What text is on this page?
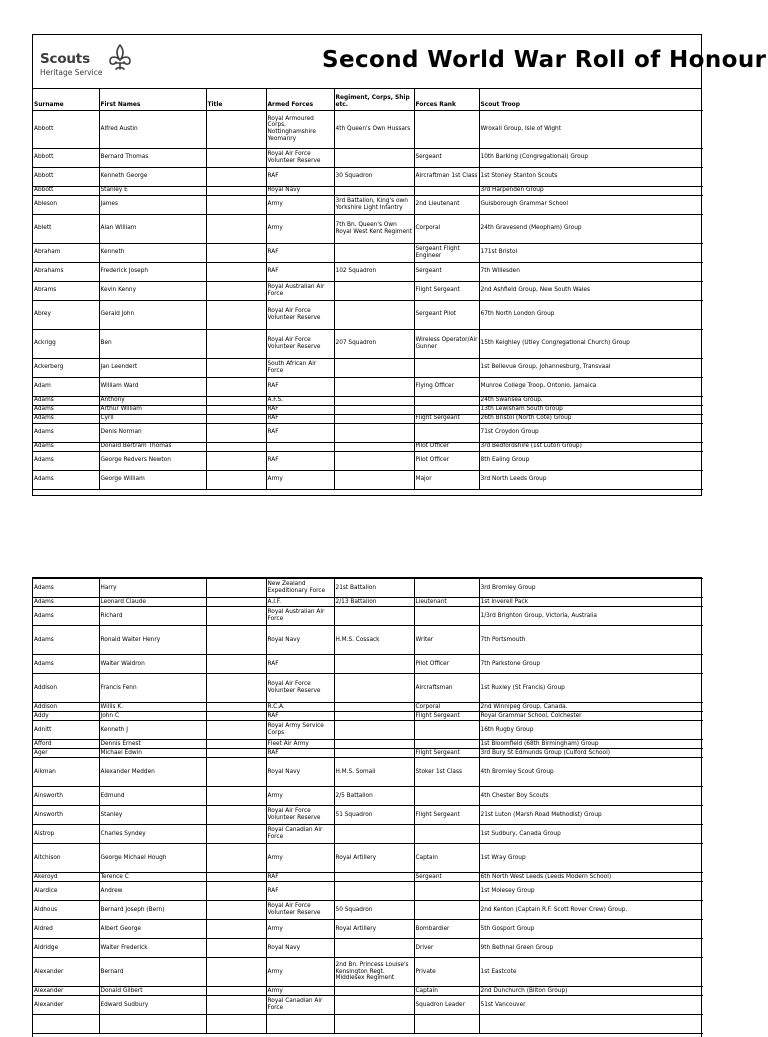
Scouts
Heritage Service	Second World War Roll of Honour
Surname	First Names	Title	Armed Forces	Regiment, Corps, Ship etc.	Forces Rank	Scout Troop
Abbott	Alfred Austin		Royal Armoured Corps, Nottinghamshire Yeomanry	4th Queen's Own Hussars		Wroxall Group, Isle of Wight
Abbott	Bernard Thomas		Royal Air Force Volunteer Reserve		Sergeant	10th Barking (Congregational) Group
Abbott	Kenneth George		RAF	30 Squadron	Aircraftman 1st Class	1st Stoney Stanton Scouts
Abbott	Stanley E		Royal Navy			3rd Harpenden Group
Ableson	James		Army	3rd Battalion, King's own Yorkshire Light Infantry	2nd Lieutenant	Guisborough Grammar School
Ablett	Alan William		Army	7th Bn. Queen's Own Royal West Kent Regiment	Corporal	24th Gravesend (Meopham) Group
Abraham	Kenneth		RAF		Sergeant Flight Engineer	171st Bristol
Abrahams	Frederick Joseph		RAF	102 Squadron	Sergeant	7th Willesden
Abrams	Kevin Kenny		Royal Australian Air Force		Flight Sergeant	2nd Ashfield Group, New South Wales
Abrey	Gerald John		Royal Air Force Volunteer Reserve		Sergeant Pilot	67th North London Group
Ackrigg	Ben		Royal Air Force Volunteer Reserve	207 Squadron	Wireless Operator/Air Gunner	15th Keighley (Utley Congregational Church) Group
Ackerberg	Jan Leendert		South African Air Force			1st Bellevue Group, Johannesburg, Transvaal
Adam	William Ward		RAF		Flying Officer	Munroe College Troop, Ontonio, Jamaica
Adams	Anthony		A.F.S.			24th Swansea Group.
Adams	Arthur William		RAF			13th Lewisham South Group
Adams	Cyril		RAF		Flight Sergeant	26th Bristol (North Cote) Group
Adams	Denis Norman		RAF			71st Croydon Group
Adams	Donald Bertram Thomas				Pilot Officer	3rd Bedfordshire (1st Luton Group)
Adams	George Redvers Newton		RAF		Pilot Officer	8th Ealing Group
Adams	George William		Army		Major	3rd North Leeds Group
Adams	Harry		New Zealand Expeditionary Force	21st Battalion		3rd Bromley Group
Adams	Leonard Claude		A.I.F.	2/13 Battalion	Lieutenant	1st Inverell Pack
Adams	Richard		Royal Australian Air Force			1/3rd Brighton Group, Victoria, Australia
Adams	Ronald Walter Henry		Royal Navy	H.M.S. Cossack	Writer	7th Portsmouth
Adams	Walter Waldron		RAF		Pilot Officer	7th Parkstone Group
Addison	Francis Fenn		Royal Air Force Volunteer Reserve		Aircraftsman	1st Ruxley (St Francis) Group
Addison	Willis K.		R.C.A.		Corporal	2nd Winnipeg Group, Canada.
Addy	John C		RAF		Flight Sergeant	Royal Grammar School, Colchester
Adnitt	Kenneth J		Royal Army Service Corps			16th Rugby Group
Afford	Dennis Ernest		Fleet Air Army			1st Bloomfield (68th Birmingham) Group
Ager	Michael Edwin		RAF		Flight Sergeant	3rd Bury St Edmunds Group (Culford School)
Aikman	Alexander Medden		Royal Navy	H.M.S. Somali	Stoker 1st Class	4th Bromley Scout Group
Ainsworth	Edmund		Army	2/5 Battalion		4th Chester Boy Scouts
Ainsworth	Stanley		Royal Air Force Volunteer Reserve	51 Squadron	Flight Sergeant	21st Luton (Marsh Road Methodist) Group
Aistrop	Charles Syndey		Royal Canadian Air Force			1st Sudbury, Canada Group
Aitchison	George Michael Hough		Army	Royal Artillery	Captain	1st Wray Group
Akeroyd	Terence C		RAF		Sergeant	6th North West Leeds (Leeds Modern School)
Alardice	Andrew		RAF			1st Molesey Group
Aldhous	Bernard Joseph (Bern)		Royal Air Force Volunteer Reserve	50 Squadron		2nd Kenton (Captain R.F. Scott Rover Crew) Group.
Aldred	Albert George		Army	Royal Artillery	Bombardier	5th Gosport Group
Aldridge	Walter Frederick		Royal Navy		Driver	9th Bethnal Green Group
Alexander	Bernard		Army	2nd Bn. Princess Louise's Kensington Regt. Middlesex Regiment	Private	1st Eastcote
Alexander	Donald Gilbert		Army		Captain	2nd Dunchurch (Bilton Group)
Alexander	Edward Sudbury		Royal Canadian Air Force		Squadron Leader	51st Vancouver
